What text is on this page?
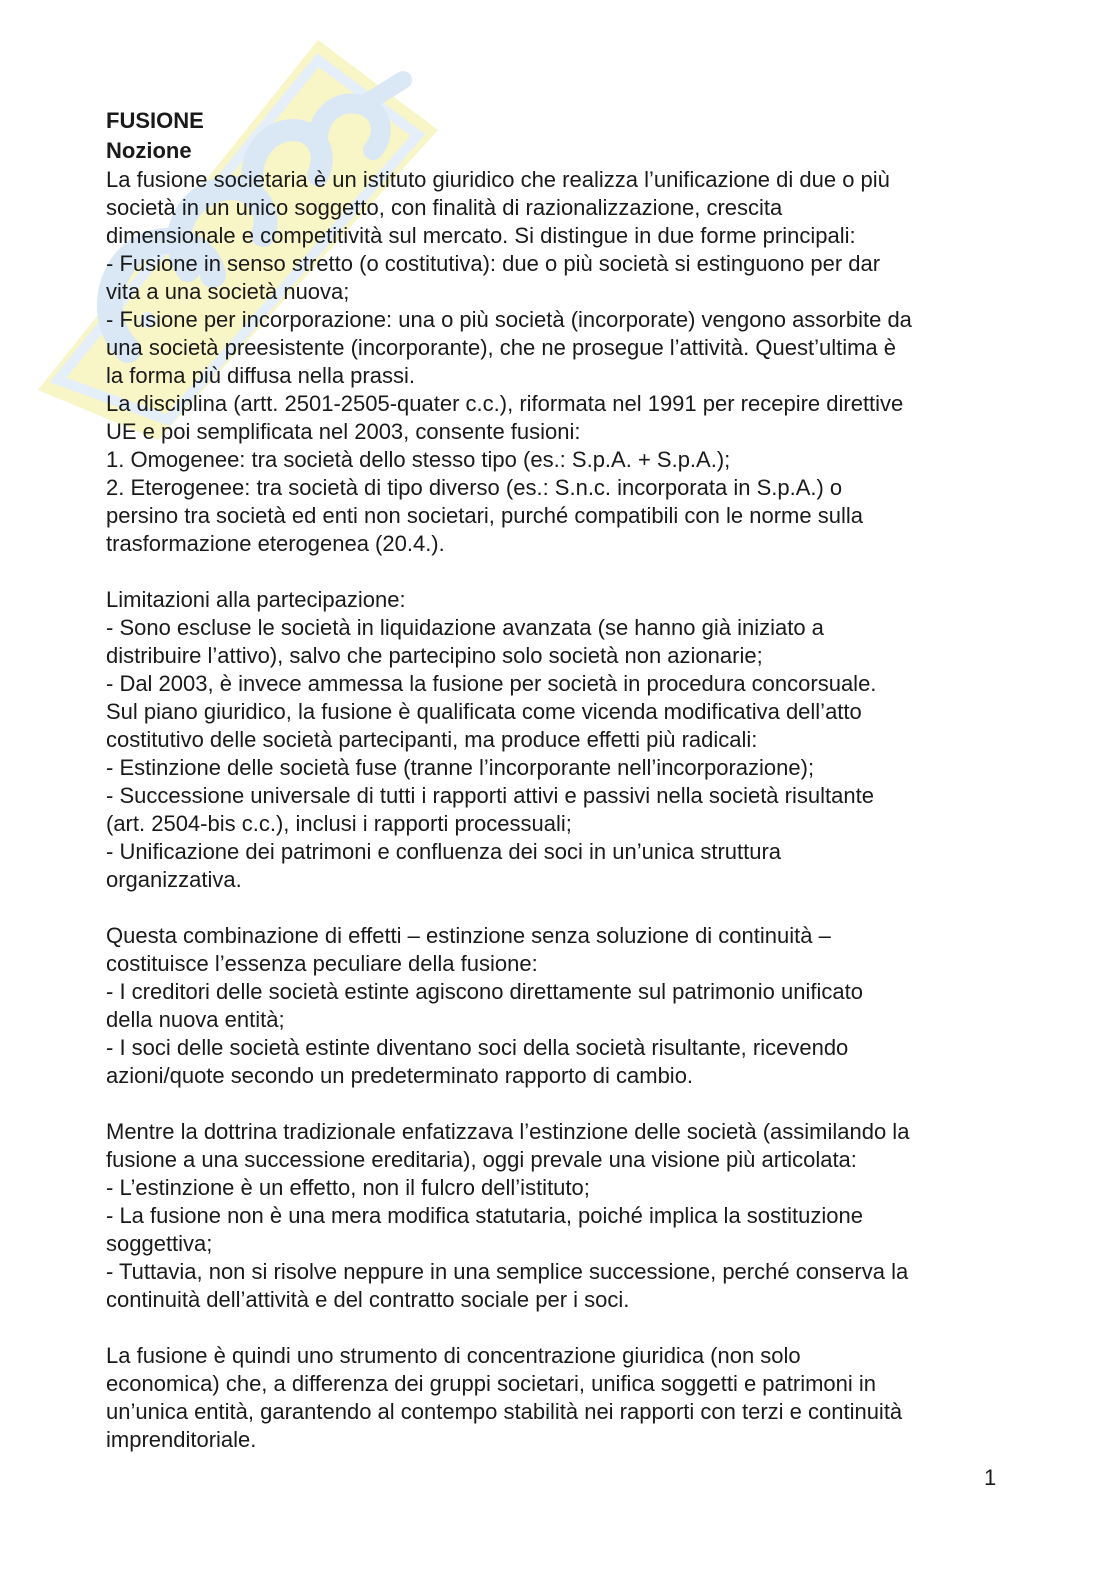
FUSIONE
Nozione
La fusione societaria è un istituto giuridico che realizza l’unificazione di due o più
società in un unico soggetto, con finalità di razionalizzazione, crescita
dimensionale e competitività sul mercato. Si distingue in due forme principali:
- Fusione in senso stretto (o costitutiva): due o più società si estinguono per dar
vita a una società nuova;
- Fusione per incorporazione: una o più società (incorporate) vengono assorbite da
una società preesistente (incorporante), che ne prosegue l’attività. Quest’ultima è
la forma più diffusa nella prassi.
La disciplina (artt. 2501-2505-quater c.c.), riformata nel 1991 per recepire direttive
UE e poi semplificata nel 2003, consente fusioni:
1. Omogenee: tra società dello stesso tipo (es.: S.p.A. + S.p.A.);
2. Eterogenee: tra società di tipo diverso (es.: S.n.c. incorporata in S.p.A.) o
persino tra società ed enti non societari, purché compatibili con le norme sulla
trasformazione eterogenea (20.4.).
Limitazioni alla partecipazione:
- Sono escluse le società in liquidazione avanzata (se hanno già iniziato a
distribuire l’attivo), salvo che partecipino solo società non azionarie;
- Dal 2003, è invece ammessa la fusione per società in procedura concorsuale.
Sul piano giuridico, la fusione è qualificata come vicenda modificativa dell’atto
costitutivo delle società partecipanti, ma produce effetti più radicali:
- Estinzione delle società fuse (tranne l’incorporante nell’incorporazione);
- Successione universale di tutti i rapporti attivi e passivi nella società risultante
(art. 2504-bis c.c.), inclusi i rapporti processuali;
- Unificazione dei patrimoni e confluenza dei soci in un’unica struttura
organizzativa.
Questa combinazione di effetti – estinzione senza soluzione di continuità –
costituisce l’essenza peculiare della fusione:
- I creditori delle società estinte agiscono direttamente sul patrimonio unificato
della nuova entità;
- I soci delle società estinte diventano soci della società risultante, ricevendo
azioni/quote secondo un predeterminato rapporto di cambio.
Mentre la dottrina tradizionale enfatizzava l’estinzione delle società (assimilando la
fusione a una successione ereditaria), oggi prevale una visione più articolata:
- L’estinzione è un effetto, non il fulcro dell’istituto;
- La fusione non è una mera modifica statutaria, poiché implica la sostituzione
soggettiva;
- Tuttavia, non si risolve neppure in una semplice successione, perché conserva la
continuità dell’attività e del contratto sociale per i soci.
La fusione è quindi uno strumento di concentrazione giuridica (non solo
economica) che, a differenza dei gruppi societari, unifica soggetti e patrimoni in
un’unica entità, garantendo al contempo stabilità nei rapporti con terzi e continuità
imprenditoriale.
1
